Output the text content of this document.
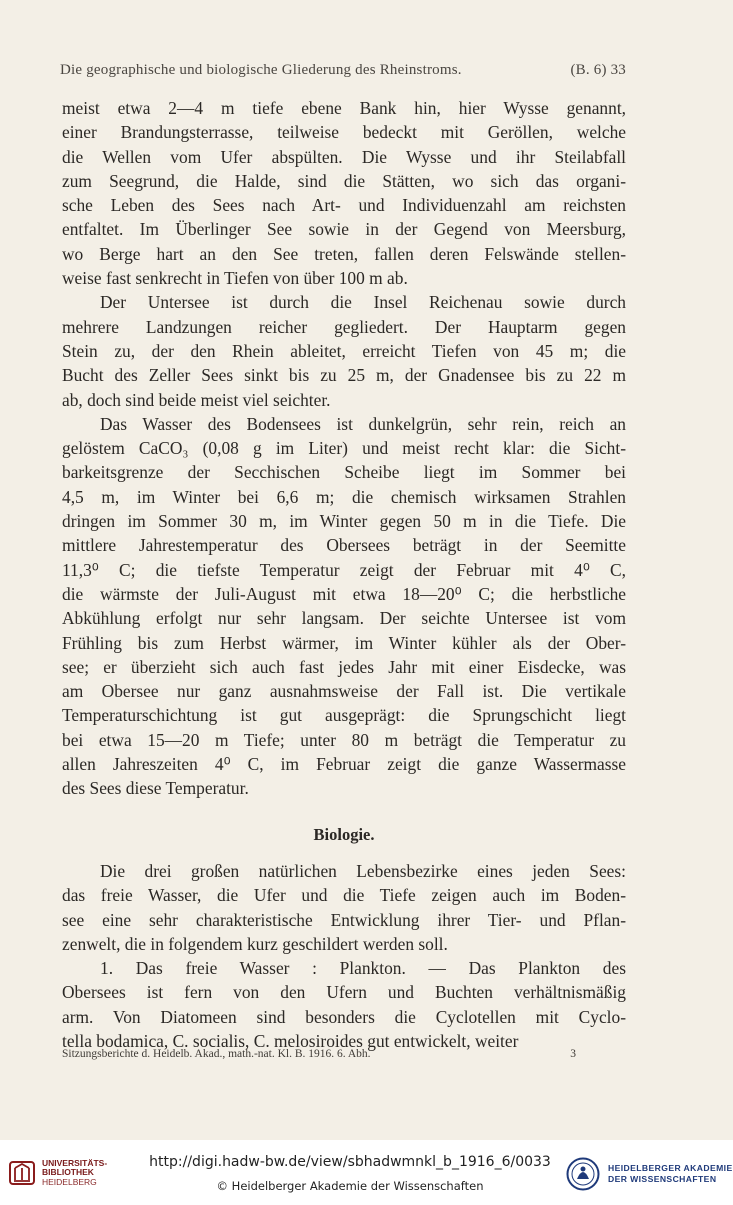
Die geographische und biologische Gliederung des Rheinstroms.	(B. 6) 33

meist etwa 2—4 m tiefe ebene Bank hin, hier Wysse genannt,
einer Brandungsterrasse, teilweise bedeckt mit Geröllen, welche
die Wellen vom Ufer abspülten. Die Wysse und ihr Steilabfall
zum Seegrund, die Halde, sind die Stätten, wo sich das organi-
sche Leben des Sees nach Art- und Individuenzahl am reichsten
entfaltet. Im Überlinger See sowie in der Gegend von Meersburg,
wo Berge hart an den See treten, fallen deren Felswände stellen-
weise fast senkrecht in Tiefen von über 100 m ab.

Der Untersee ist durch die Insel Reichenau sowie durch
mehrere Landzungen reicher gegliedert. Der Hauptarm gegen
Stein zu, der den Rhein ableitet, erreicht Tiefen von 45 m; die
Bucht des Zeller Sees sinkt bis zu 25 m, der Gnadensee bis zu 22 m
ab, doch sind beide meist viel seichter.

Das Wasser des Bodensees ist dunkelgrün, sehr rein, reich an
gelöstem CaCO₃ (0,08 g im Liter) und meist recht klar: die Sicht-
barkeitsgrenze der Secchischen Scheibe liegt im Sommer bei
4,5 m, im Winter bei 6,6 m; die chemisch wirksamen Strahlen
dringen im Sommer 30 m, im Winter gegen 50 m in die Tiefe. Die
mittlere Jahrestemperatur des Obersees beträgt in der Seemitte
11,3⁰ C; die tiefste Temperatur zeigt der Februar mit 4⁰ C,
die wärmste der Juli-August mit etwa 18—20⁰ C; die herbstliche
Abkühlung erfolgt nur sehr langsam. Der seichte Untersee ist vom
Frühling bis zum Herbst wärmer, im Winter kühler als der Ober-
see; er überzieht sich auch fast jedes Jahr mit einer Eisdecke, was
am Obersee nur ganz ausnahmsweise der Fall ist. Die vertikale
Temperaturschichtung ist gut ausgeprägt: die Sprungschicht liegt
bei etwa 15—20 m Tiefe; unter 80 m beträgt die Temperatur zu
allen Jahreszeiten 4⁰ C, im Februar zeigt die ganze Wassermasse
des Sees diese Temperatur.

Biologie.

Die drei großen natürlichen Lebensbezirke eines jeden Sees:
das freie Wasser, die Ufer und die Tiefe zeigen auch im Boden-
see eine sehr charakteristische Entwicklung ihrer Tier- und Pflan-
zenwelt, die in folgendem kurz geschildert werden soll.

1. Das freie Wasser : Plankton. — Das Plankton des
Obersees ist fern von den Ufern und Buchten verhältnismäßig
arm. Von Diatomeen sind besonders die Cyclotellen mit Cyclo-
tella bodamica, C. socialis, C. melosiroides gut entwickelt, weiter

Sitzungsberichte d. Heidelb. Akad., math.-nat. Kl. B. 1916. 6. Abh.	3
UNIVERSITÄTS-
BIBLIOTHEK
HEIDELBERG
http://digi.hadw-bw.de/view/sbhadwmnkl_b_1916_6/0033
© Heidelberger Akademie der Wissenschaften
HEIDELBERGER AKADEMIE
DER WISSENSCHAFTEN
